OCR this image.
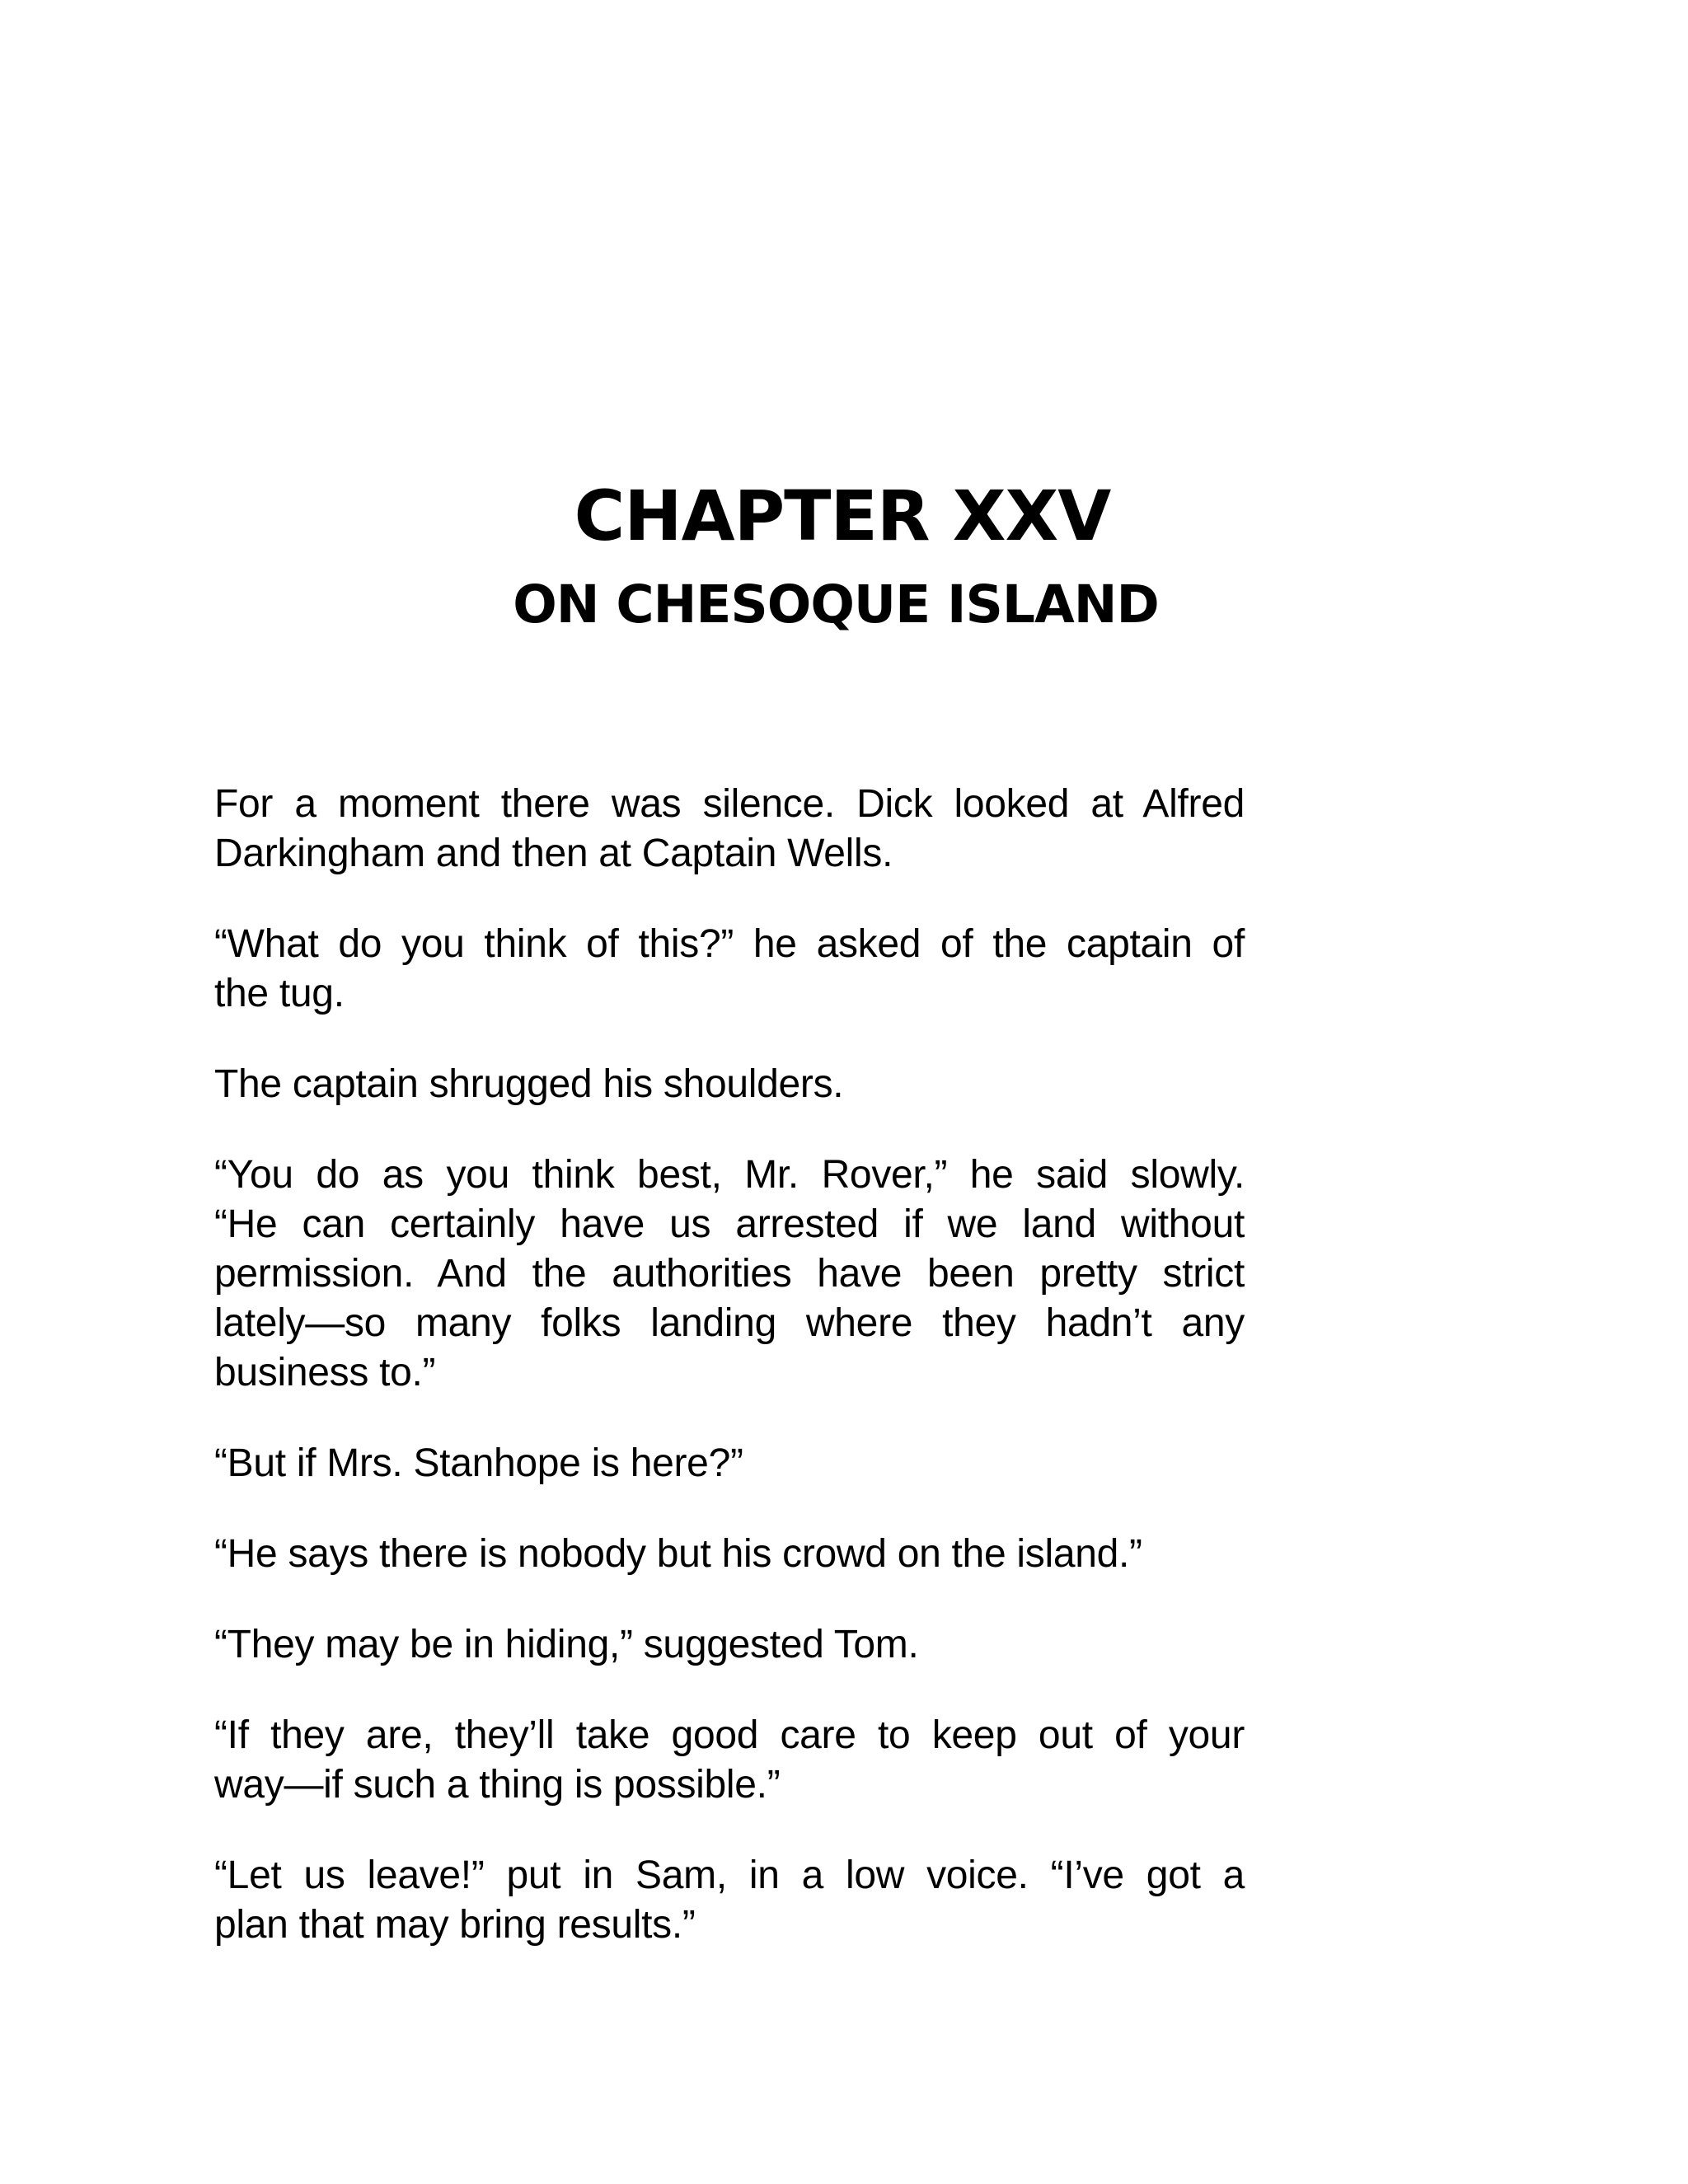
CHAPTER XXV
ON CHESOQUE ISLAND

For a moment there was silence. Dick looked at Alfred
Darkingham and then at Captain Wells.

“What do you think of this?” he asked of the captain of
the tug.

The captain shrugged his shoulders.

“You do as you think best, Mr. Rover,” he said slowly.
“He can certainly have us arrested if we land without
permission. And the authorities have been pretty strict
lately—so many folks landing where they hadn’t any
business to.”

“But if Mrs. Stanhope is here?”

“He says there is nobody but his crowd on the island.”

“They may be in hiding,” suggested Tom.

“If they are, they’ll take good care to keep out of your
way—if such a thing is possible.”

“Let us leave!” put in Sam, in a low voice. “I’ve got a
plan that may bring results.”
